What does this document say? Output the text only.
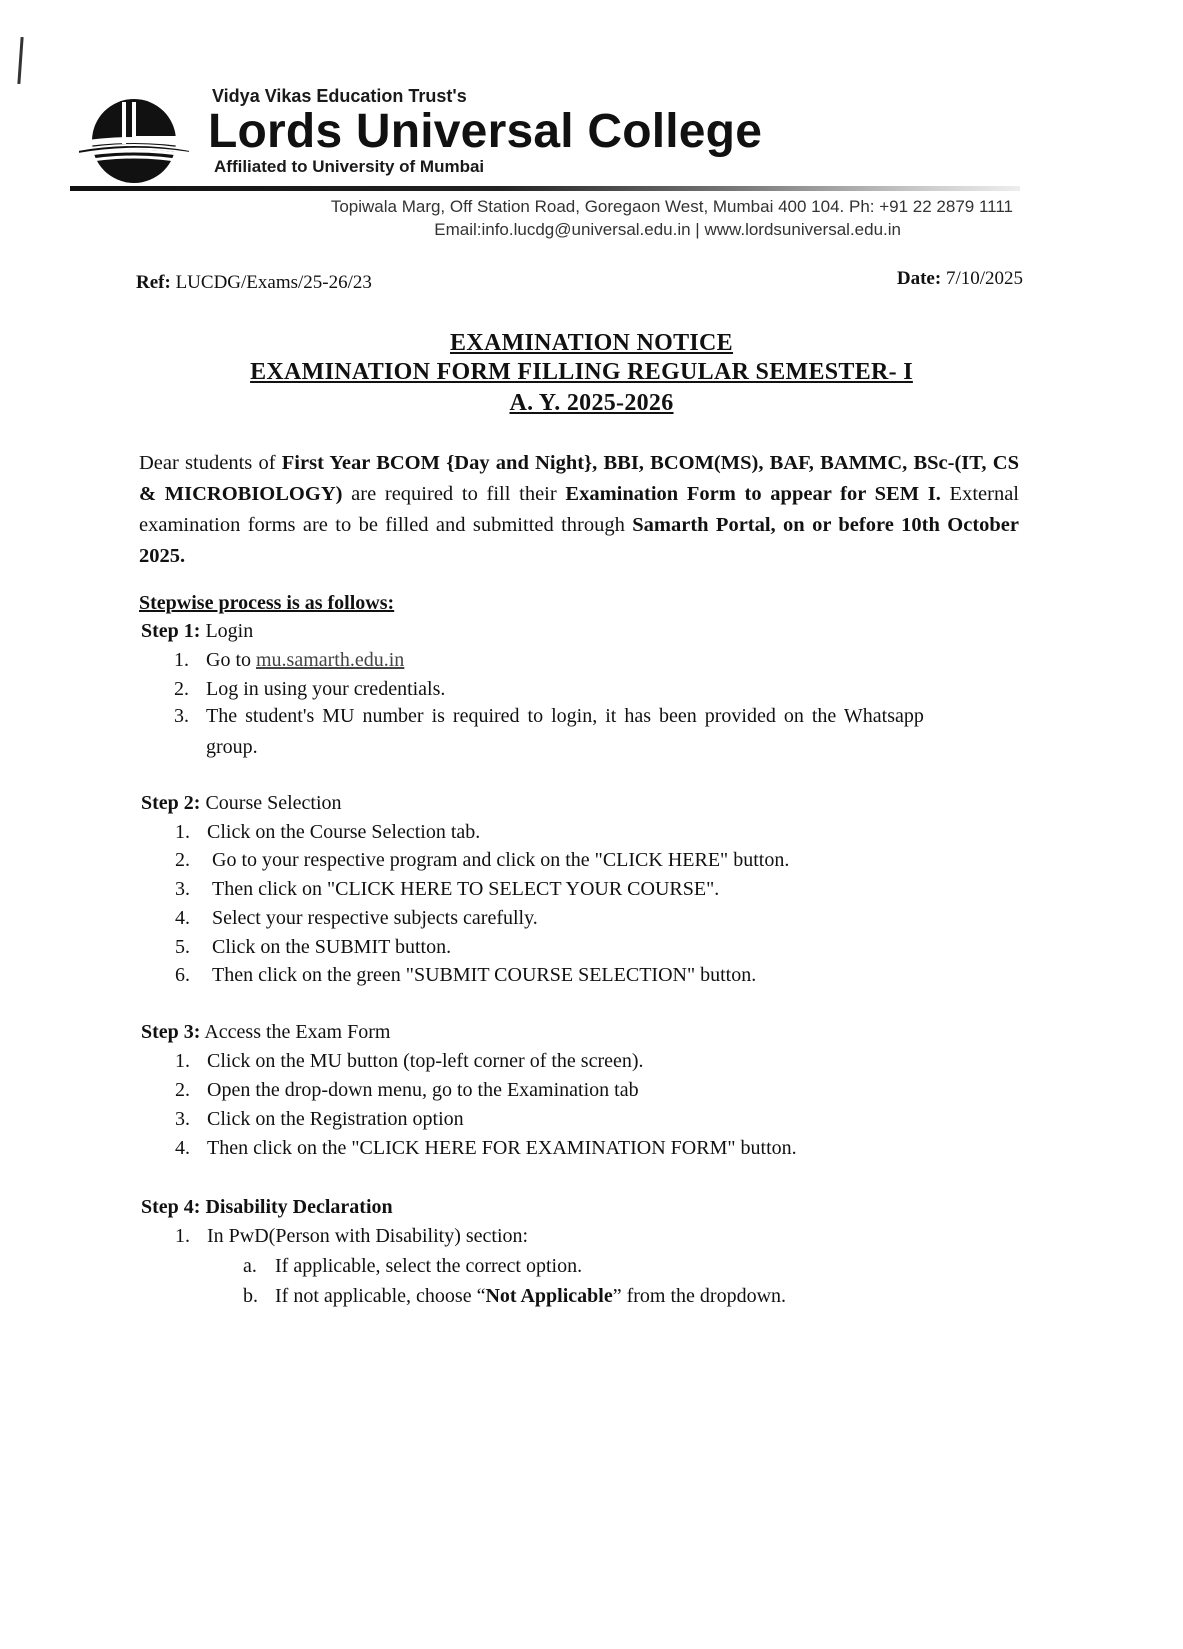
Vidya Vikas Education Trust's
Lords Universal College
Affiliated to University of Mumbai
Topiwala Marg, Off Station Road, Goregaon West, Mumbai 400 104. Ph: +91 22 2879 1111
Email:info.lucdg@universal.edu.in | www.lordsuniversal.edu.in
Ref: LUCDG/Exams/25-26/23	Date: 7/10/2025
EXAMINATION NOTICE
EXAMINATION FORM FILLING REGULAR SEMESTER- I
A. Y. 2025-2026
Dear students of First Year BCOM {Day and Night}, BBI, BCOM(MS), BAF, BAMMC, BSc-(IT, CS & MICROBIOLOGY) are required to fill their Examination Form to appear for SEM I. External examination forms are to be filled and submitted through Samarth Portal, on or before 10th October 2025.
Stepwise process is as follows:
Step 1: Login
1. Go to mu.samarth.edu.in
2. Log in using your credentials.
3. The student's MU number is required to login, it has been provided on the Whatsapp
group.
Step 2: Course Selection
1. Click on the Course Selection tab.
2. Go to your respective program and click on the "CLICK HERE" button.
3. Then click on "CLICK HERE TO SELECT YOUR COURSE".
4. Select your respective subjects carefully.
5. Click on the SUBMIT button.
6. Then click on the green "SUBMIT COURSE SELECTION" button.
Step 3: Access the Exam Form
1. Click on the MU button (top-left corner of the screen).
2. Open the drop-down menu, go to the Examination tab
3. Click on the Registration option
4. Then click on the "CLICK HERE FOR EXAMINATION FORM" button.
Step 4: Disability Declaration
1. In PwD(Person with Disability) section:
a. If applicable, select the correct option.
b. If not applicable, choose “Not Applicable” from the dropdown.
